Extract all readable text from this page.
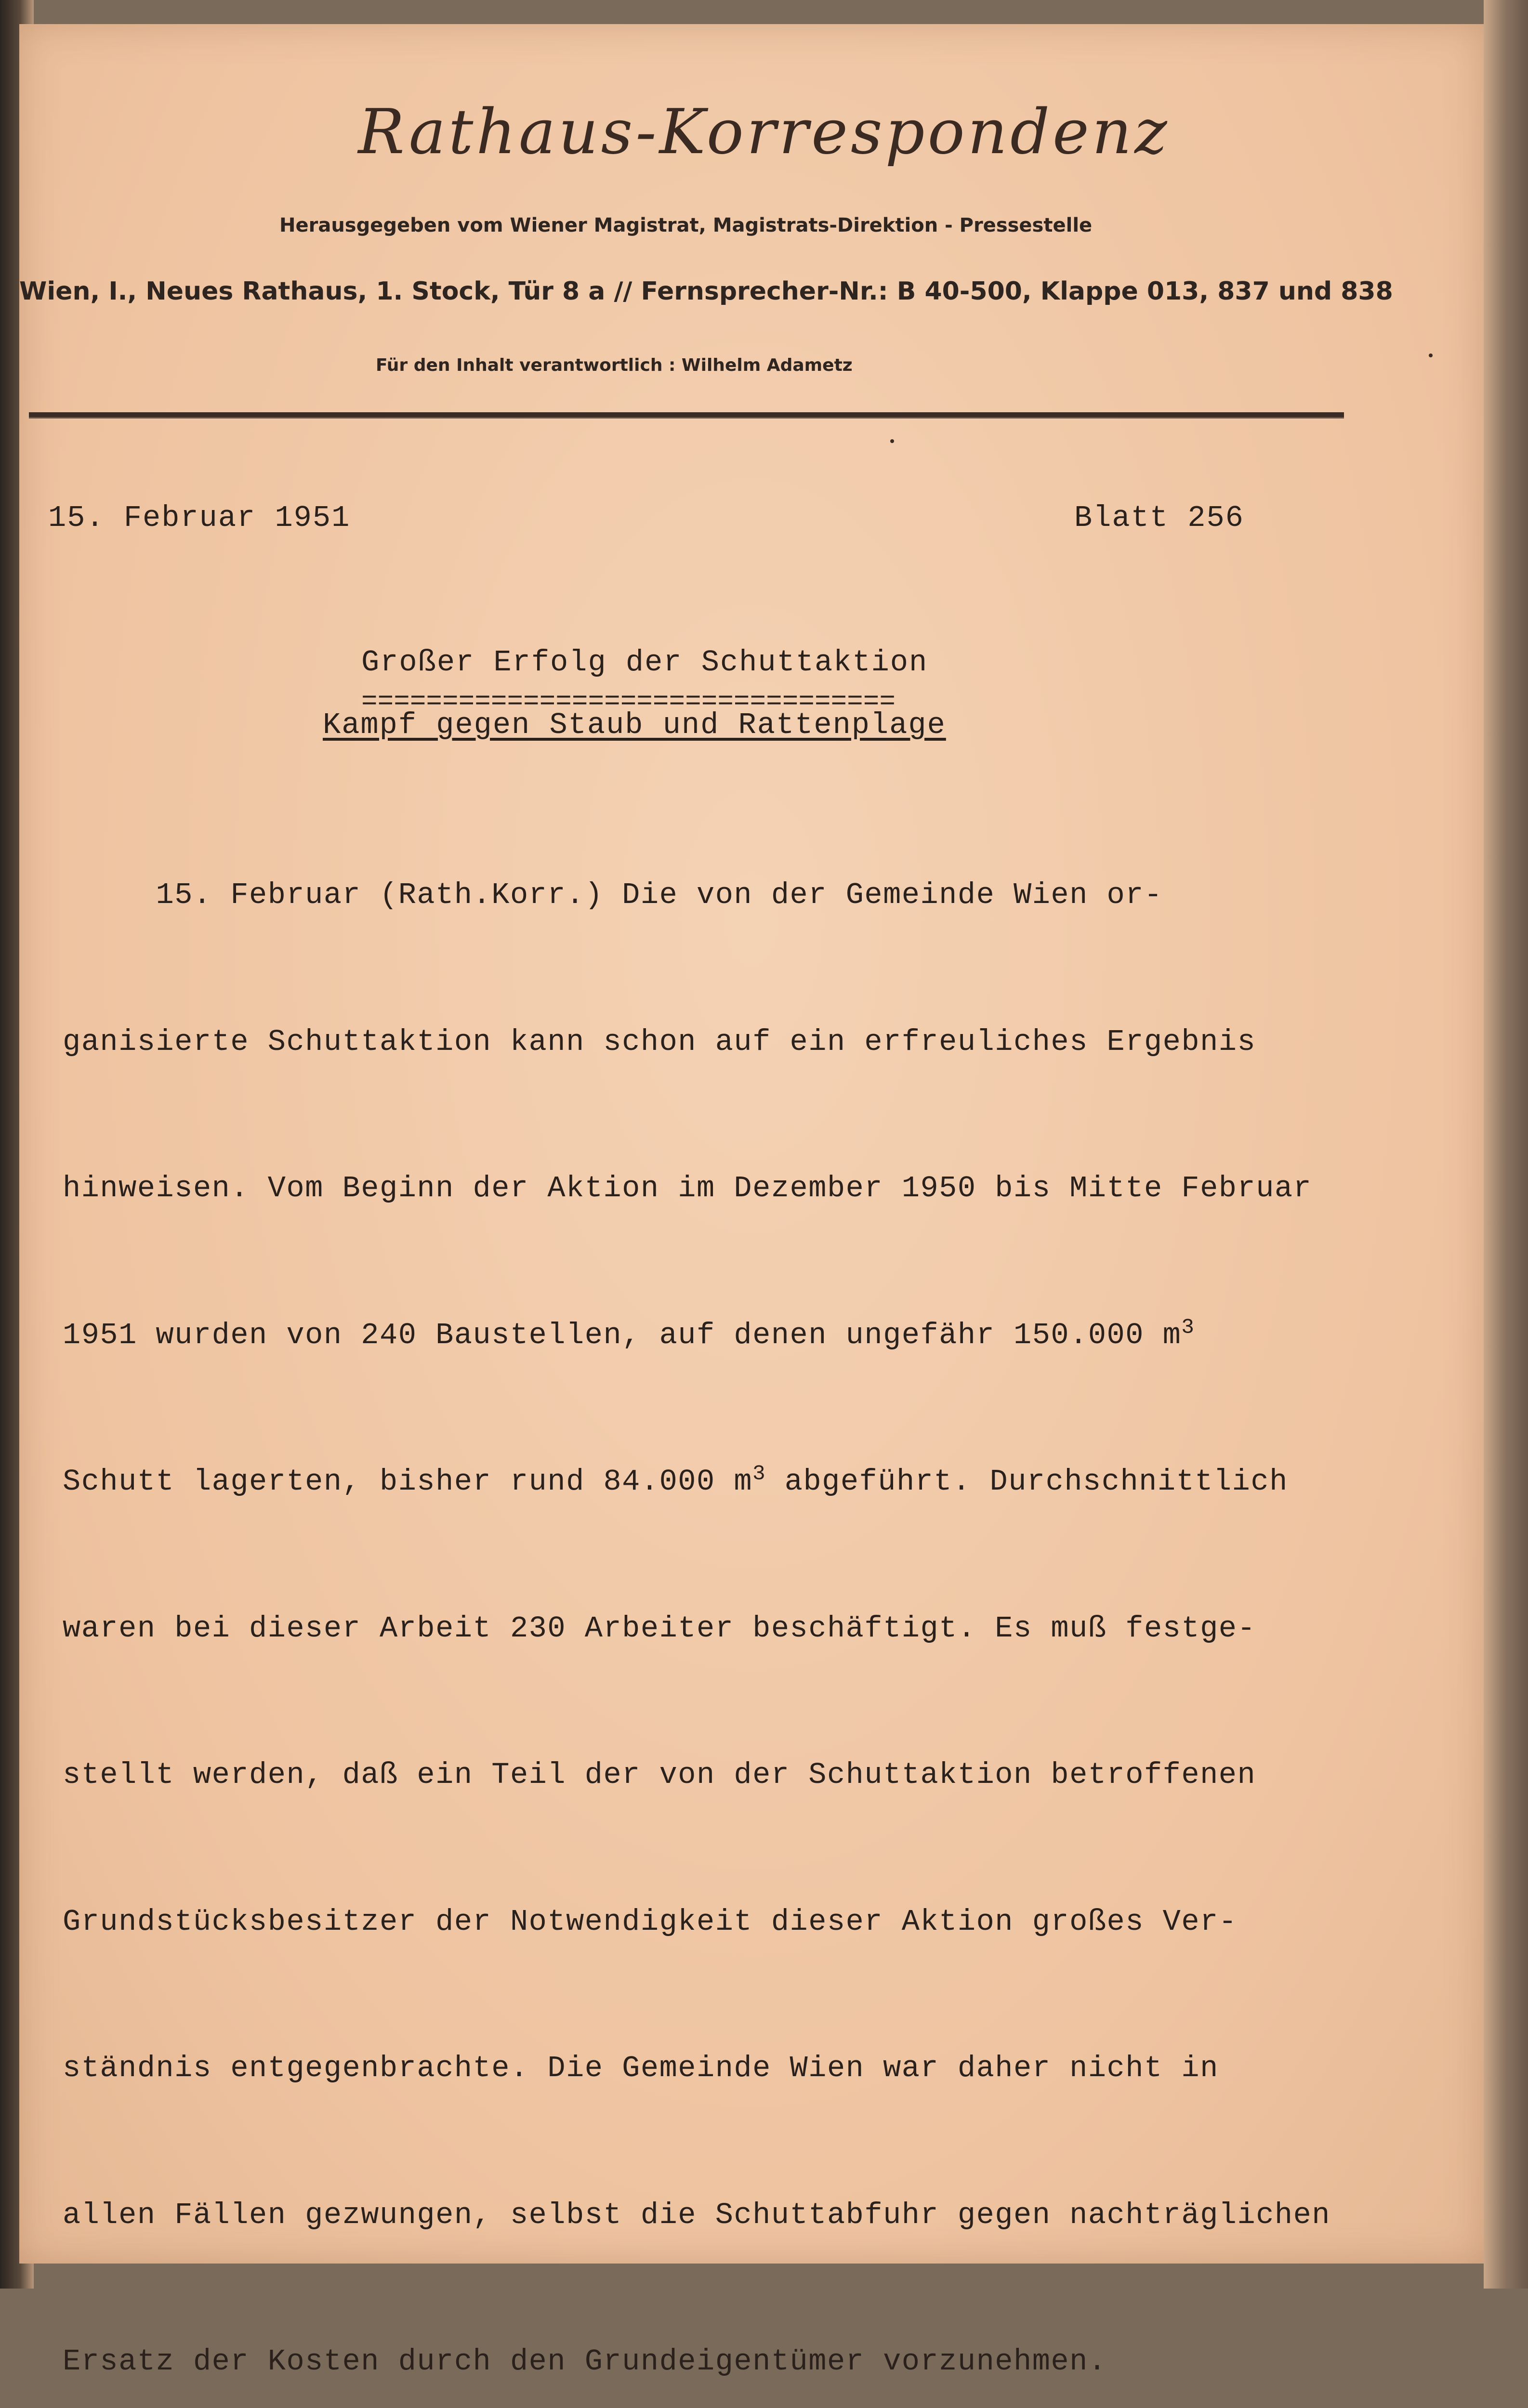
Rathaus-Korrespondenz
Herausgegeben vom Wiener Magistrat, Magistrats-Direktion - Pressestelle
Wien, I., Neues Rathaus, 1. Stock, Tür 8 a // Fernsprecher-Nr.: B 40-500, Klappe 013, 837 und 838
Für den Inhalt verantwortlich : Wilhelm Adametz
15. Februar 1951	Blatt 256
Großer Erfolg der Schuttaktion
=================================
Kampf gegen Staub und Rattenplage

15. Februar (Rath.Korr.) Die von der Gemeinde Wien or-

ganisierte Schuttaktion kann schon auf ein erfreuliches Ergebnis

hinweisen. Vom Beginn der Aktion im Dezember 1950 bis Mitte Februar

1951 wurden von 240 Baustellen, auf denen ungefähr 150.000 $m^3$

Schutt lagerten, bisher rund 84.000 $m^3$ abgeführt. Durchschnittlich

waren bei dieser Arbeit 230 Arbeiter beschäftigt. Es muß festge-

stellt werden, daß ein Teil der von der Schuttaktion betroffenen

Grundstücksbesitzer der Notwendigkeit dieser Aktion großes Ver-

ständnis entgegenbrachte. Die Gemeinde Wien war daher nicht in

allen Fällen gezwungen, selbst die Schuttabfuhr gegen nachträglichen

Ersatz der Kosten durch den Grundeigentümer vorzunehmen.
